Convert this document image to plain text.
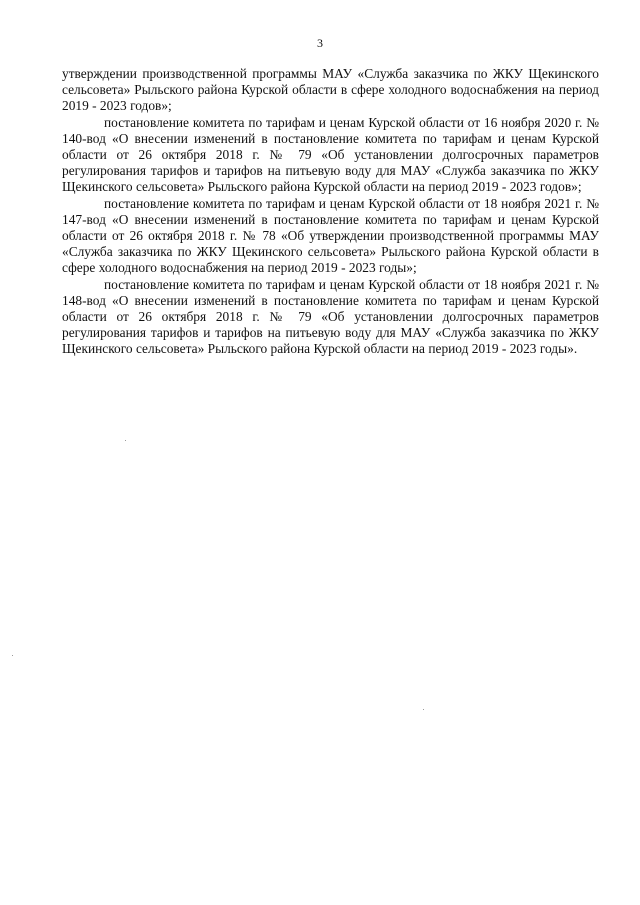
3

утверждении производственной программы МАУ «Служба заказчика по ЖКУ Щекинского сельсовета» Рыльского района Курской области в сфере холодного водоснабжения на период 2019 - 2023 годов»;

постановление комитета по тарифам и ценам Курской области от 16 ноября 2020 г. № 140-вод «О внесении изменений в постановление комитета по тарифам и ценам Курской области от 26 октября 2018 г. № 79 «Об установлении долгосрочных параметров регулирования тарифов и тарифов на питьевую воду для МАУ «Служба заказчика по ЖКУ Щекинского сельсовета» Рыльского района Курской области на период 2019 - 2023 годов»;

постановление комитета по тарифам и ценам Курской области от 18 ноября 2021 г. № 147-вод «О внесении изменений в постановление комитета по тарифам и ценам Курской области от 26 октября 2018 г. № 78 «Об утверждении производственной программы МАУ «Служба заказчика по ЖКУ Щекинского сельсовета» Рыльского района Курской области в сфере холодного водоснабжения на период 2019 - 2023 годы»;

постановление комитета по тарифам и ценам Курской области от 18 ноября 2021 г. № 148-вод «О внесении изменений в постановление комитета по тарифам и ценам Курской области от 26 октября 2018 г. № 79 «Об установлении долгосрочных параметров регулирования тарифов и тарифов на питьевую воду для МАУ «Служба заказчика по ЖКУ Щекинского сельсовета» Рыльского района Курской области на период 2019 - 2023 годы».
